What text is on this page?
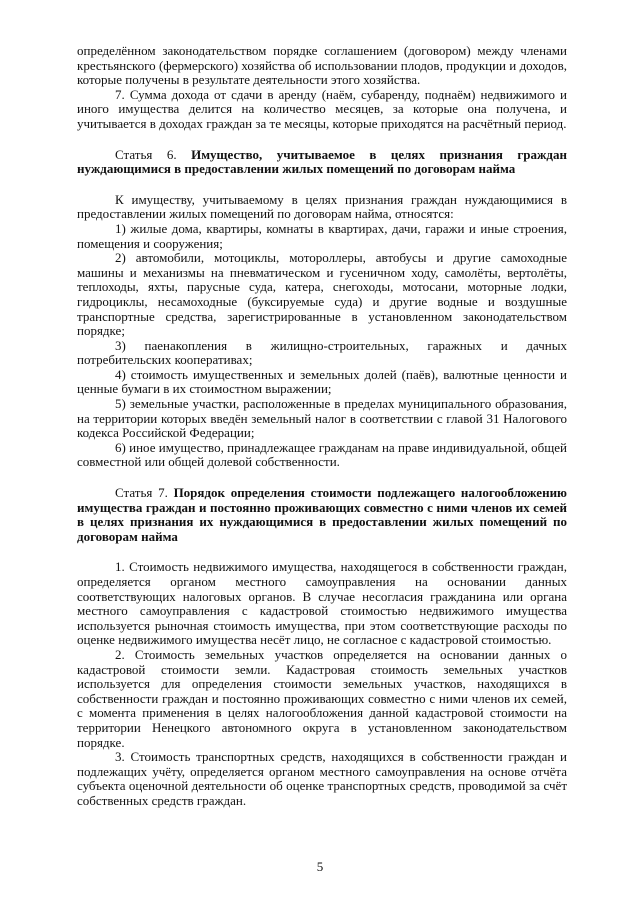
определённом законодательством порядке соглашением (договором) между членами крестьянского (фермерского) хозяйства об использовании плодов, продукции и доходов, которые получены в результате деятельности этого хозяйства.

7. Сумма дохода от сдачи в аренду (наём, субаренду, поднаём) недвижимого и иного имущества делится на количество месяцев, за которые она получена, и учитывается в доходах граждан за те месяцы, которые приходятся на расчётный период.

Статья 6. Имущество, учитываемое в целях признания граждан нуждающимися в предоставлении жилых помещений по договорам найма

К имуществу, учитываемому в целях признания граждан нуждающимися в предоставлении жилых помещений по договорам найма, относятся:

1) жилые дома, квартиры, комнаты в квартирах, дачи, гаражи и иные строения, помещения и сооружения;

2) автомобили, мотоциклы, мотороллеры, автобусы и другие самоходные машины и механизмы на пневматическом и гусеничном ходу, самолёты, вертолёты, теплоходы, яхты, парусные суда, катера, снегоходы, мотосани, моторные лодки, гидроциклы, несамоходные (буксируемые суда) и другие водные и воздушные транспортные средства, зарегистрированные в установленном законодательством порядке;

3) паенакопления в жилищно-строительных, гаражных и дачных потребительских кооперативах;

4) стоимость имущественных и земельных долей (паёв), валютные ценности и ценные бумаги в их стоимостном выражении;

5) земельные участки, расположенные в пределах муниципального образования, на территории которых введён земельный налог в соответствии с главой 31 Налогового кодекса Российской Федерации;

6) иное имущество, принадлежащее гражданам на праве индивидуальной, общей совместной или общей долевой собственности.

Статья 7. Порядок определения стоимости подлежащего налогообложению имущества граждан и постоянно проживающих совместно с ними членов их семей в целях признания их нуждающимися в предоставлении жилых помещений по договорам найма

1. Стоимость недвижимого имущества, находящегося в собственности граждан, определяется органом местного самоуправления на основании данных соответствующих налоговых органов. В случае несогласия гражданина или органа местного самоуправления с кадастровой стоимостью недвижимого имущества используется рыночная стоимость имущества, при этом соответствующие расходы по оценке недвижимого имущества несёт лицо, не согласное с кадастровой стоимостью.

2. Стоимость земельных участков определяется на основании данных о кадастровой стоимости земли. Кадастровая стоимость земельных участков используется для определения стоимости земельных участков, находящихся в собственности граждан и постоянно проживающих совместно с ними членов их семей, с момента применения в целях налогообложения данной кадастровой стоимости на территории Ненецкого автономного округа в установленном законодательством порядке.

3. Стоимость транспортных средств, находящихся в собственности граждан и подлежащих учёту, определяется органом местного самоуправления на основе отчёта субъекта оценочной деятельности об оценке транспортных средств, проводимой за счёт собственных средств граждан.

5
